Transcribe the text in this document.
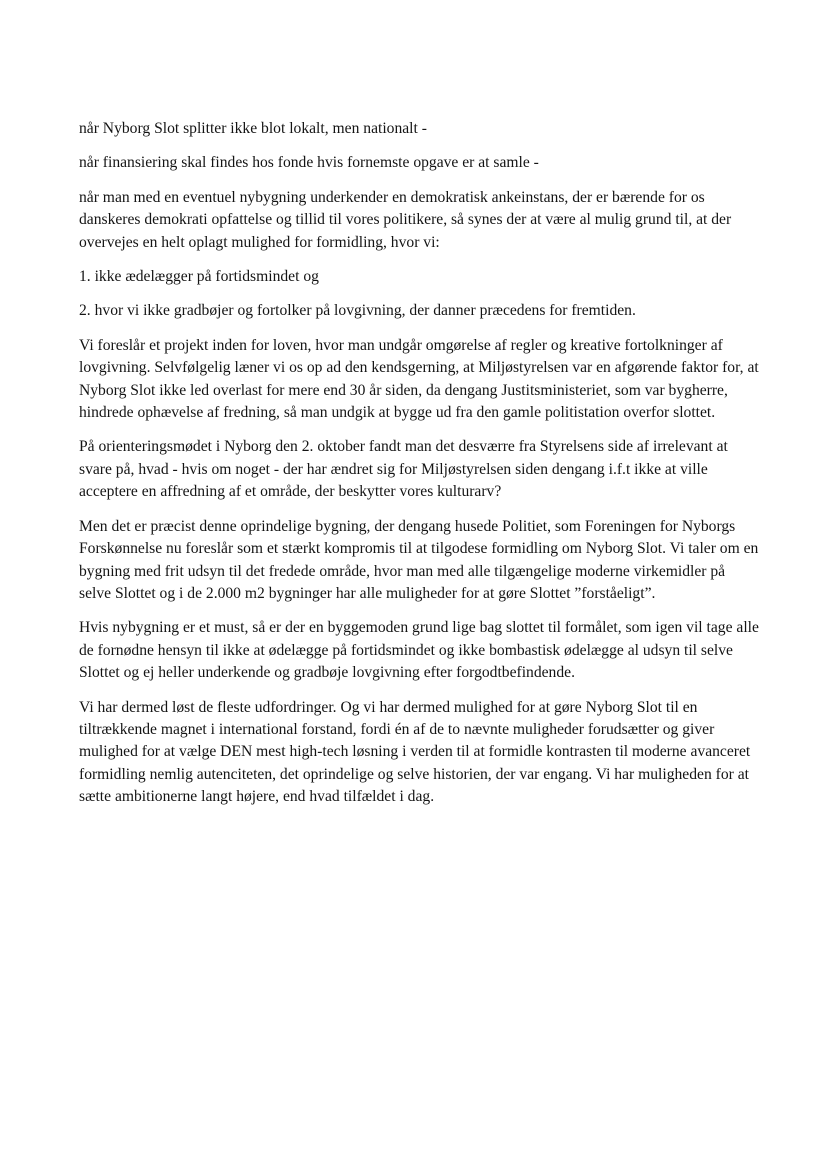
når Nyborg Slot splitter ikke blot lokalt, men nationalt -

når finansiering skal findes hos fonde hvis fornemste opgave er at samle -

når man med en eventuel nybygning underkender en demokratisk ankeinstans, der er bærende for os danskeres demokrati opfattelse og tillid til vores politikere, så synes der at være al mulig grund til, at der overvejes en helt oplagt mulighed for formidling, hvor vi:

1. ikke ædelægger på fortidsmindet og

2. hvor vi ikke gradbøjer og fortolker på lovgivning, der danner præcedens for fremtiden.

Vi foreslår et projekt inden for loven, hvor man undgår omgørelse af regler og kreative fortolkninger af lovgivning. Selvfølgelig læner vi os op ad den kendsgerning, at Miljøstyrelsen var en afgørende faktor for, at Nyborg Slot ikke led overlast for mere end 30 år siden, da dengang Justitsministeriet, som var bygherre, hindrede ophævelse af fredning, så man undgik at bygge ud fra den gamle politistation overfor slottet.

På orienteringsmødet i Nyborg den 2. oktober fandt man det desværre fra Styrelsens side af irrelevant at svare på, hvad - hvis om noget - der har ændret sig for Miljøstyrelsen siden dengang i.f.t ikke at ville acceptere en affredning af et område, der beskytter vores kulturarv?

Men det er præcist denne oprindelige bygning, der dengang husede Politiet, som Foreningen for Nyborgs Forskønnelse nu foreslår som et stærkt kompromis til at tilgodese formidling om Nyborg Slot. Vi taler om en bygning med frit udsyn til det fredede område, hvor man med alle tilgængelige moderne virkemidler på selve Slottet og i de 2.000 m2 bygninger har alle muligheder for at gøre Slottet ”forståeligt”.

Hvis nybygning er et must, så er der en byggemoden grund lige bag slottet til formålet, som igen vil tage alle de fornødne hensyn til ikke at ødelægge på fortidsmindet og ikke bombastisk ødelægge al udsyn til selve Slottet og ej heller underkende og gradbøje lovgivning efter forgodtbefindende.

Vi har dermed løst de fleste udfordringer. Og vi har dermed mulighed for at gøre Nyborg Slot til en tiltrækkende magnet i international forstand, fordi én af de to nævnte muligheder forudsætter og giver mulighed for at vælge DEN mest high-tech løsning i verden til at formidle kontrasten til moderne avanceret formidling nemlig autenciteten, det oprindelige og selve historien, der var engang. Vi har muligheden for at sætte ambitionerne langt højere, end hvad tilfældet i dag.
